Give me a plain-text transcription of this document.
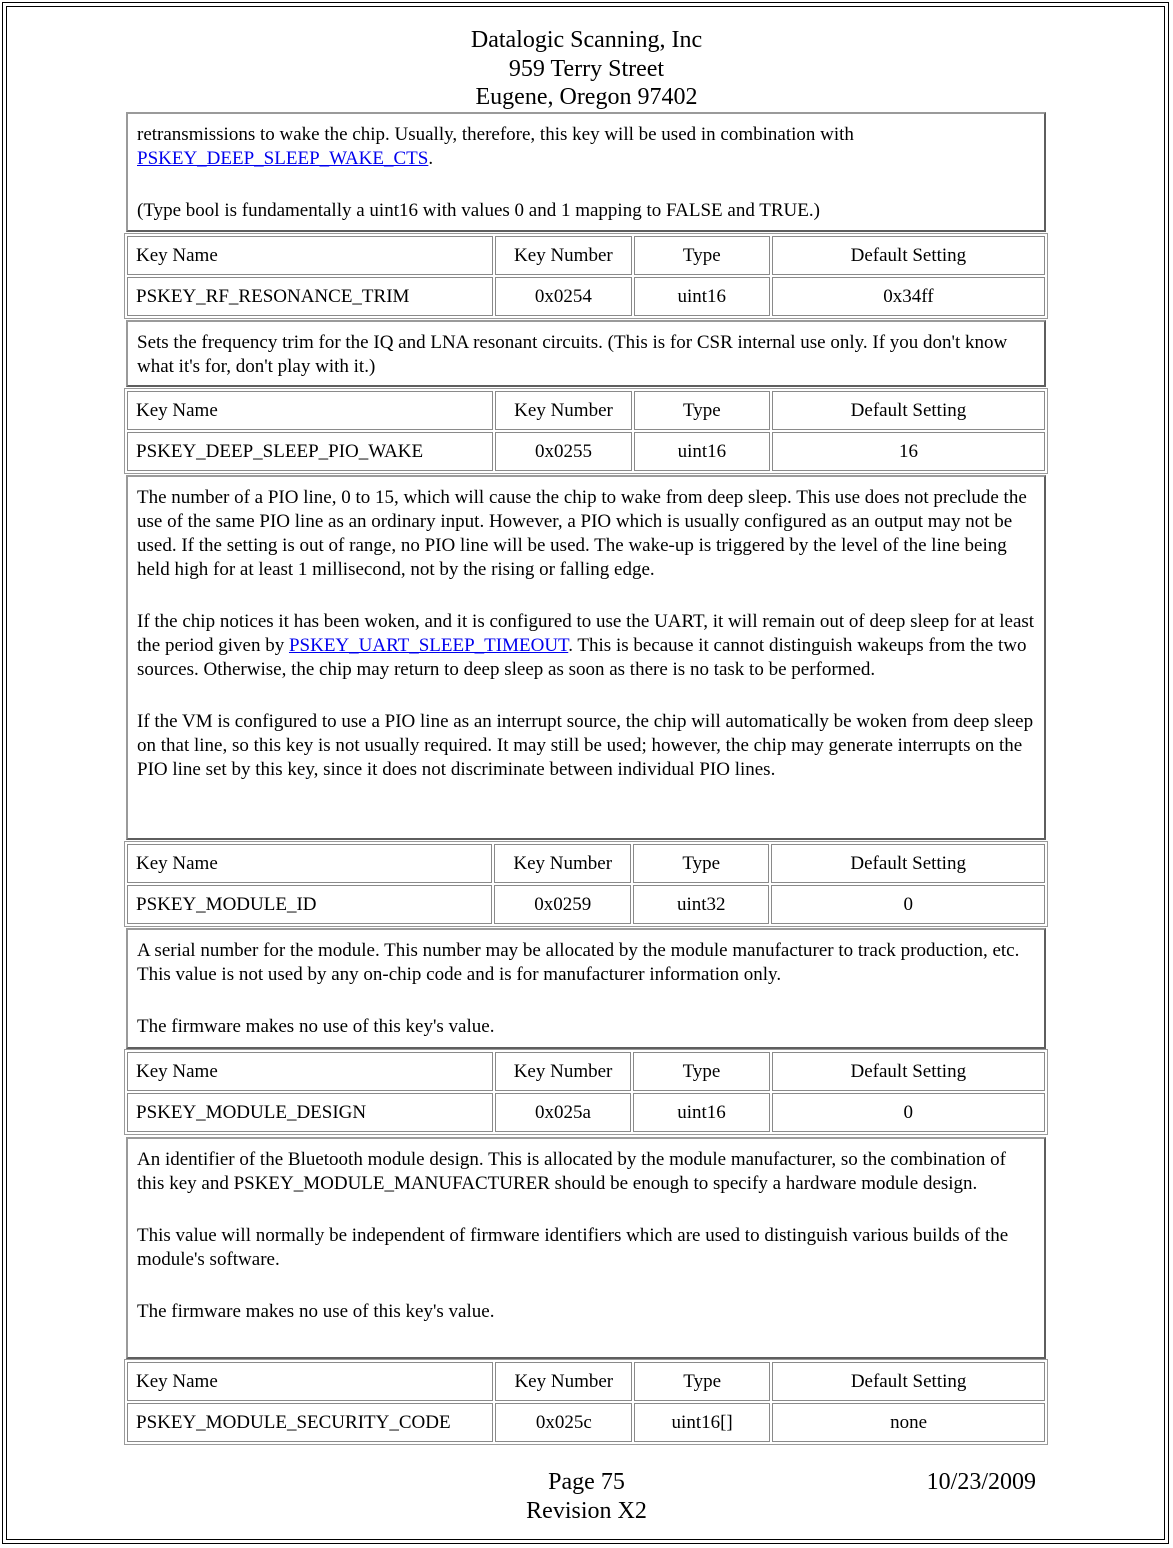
Datalogic Scanning, Inc
959 Terry Street
Eugene, Oregon 97402

retransmissions to wake the chip. Usually, therefore, this key will be used in combination with
PSKEY_DEEP_SLEEP_WAKE_CTS.

(Type bool is fundamentally a uint16 with values 0 and 1 mapping to FALSE and TRUE.)

Key Name	Key Number	Type	Default Setting
PSKEY_RF_RESONANCE_TRIM	0x0254	uint16	0x34ff

Sets the frequency trim for the IQ and LNA resonant circuits. (This is for CSR internal use only. If you don't know what it's for, don't play with it.)

Key Name	Key Number	Type	Default Setting
PSKEY_DEEP_SLEEP_PIO_WAKE	0x0255	uint16	16

The number of a PIO line, 0 to 15, which will cause the chip to wake from deep sleep. This use does not preclude the use of the same PIO line as an ordinary input. However, a PIO which is usually configured as an output may not be used. If the setting is out of range, no PIO line will be used. The wake-up is triggered by the level of the line being held high for at least 1 millisecond, not by the rising or falling edge.

If the chip notices it has been woken, and it is configured to use the UART, it will remain out of deep sleep for at least the period given by PSKEY_UART_SLEEP_TIMEOUT. This is because it cannot distinguish wakeups from the two sources. Otherwise, the chip may return to deep sleep as soon as there is no task to be performed.

If the VM is configured to use a PIO line as an interrupt source, the chip will automatically be woken from deep sleep on that line, so this key is not usually required. It may still be used; however, the chip may generate interrupts on the PIO line set by this key, since it does not discriminate between individual PIO lines.

Key Name	Key Number	Type	Default Setting
PSKEY_MODULE_ID	0x0259	uint32	0

A serial number for the module. This number may be allocated by the module manufacturer to track production, etc. This value is not used by any on-chip code and is for manufacturer information only.

The firmware makes no use of this key's value.

Key Name	Key Number	Type	Default Setting
PSKEY_MODULE_DESIGN	0x025a	uint16	0

An identifier of the Bluetooth module design. This is allocated by the module manufacturer, so the combination of this key and PSKEY_MODULE_MANUFACTURER should be enough to specify a hardware module design.

This value will normally be independent of firmware identifiers which are used to distinguish various builds of the module's software.

The firmware makes no use of this key's value.

Key Name	Key Number	Type	Default Setting
PSKEY_MODULE_SECURITY_CODE	0x025c	uint16[]	none
Page 75	10/23/2009
Revision X2
